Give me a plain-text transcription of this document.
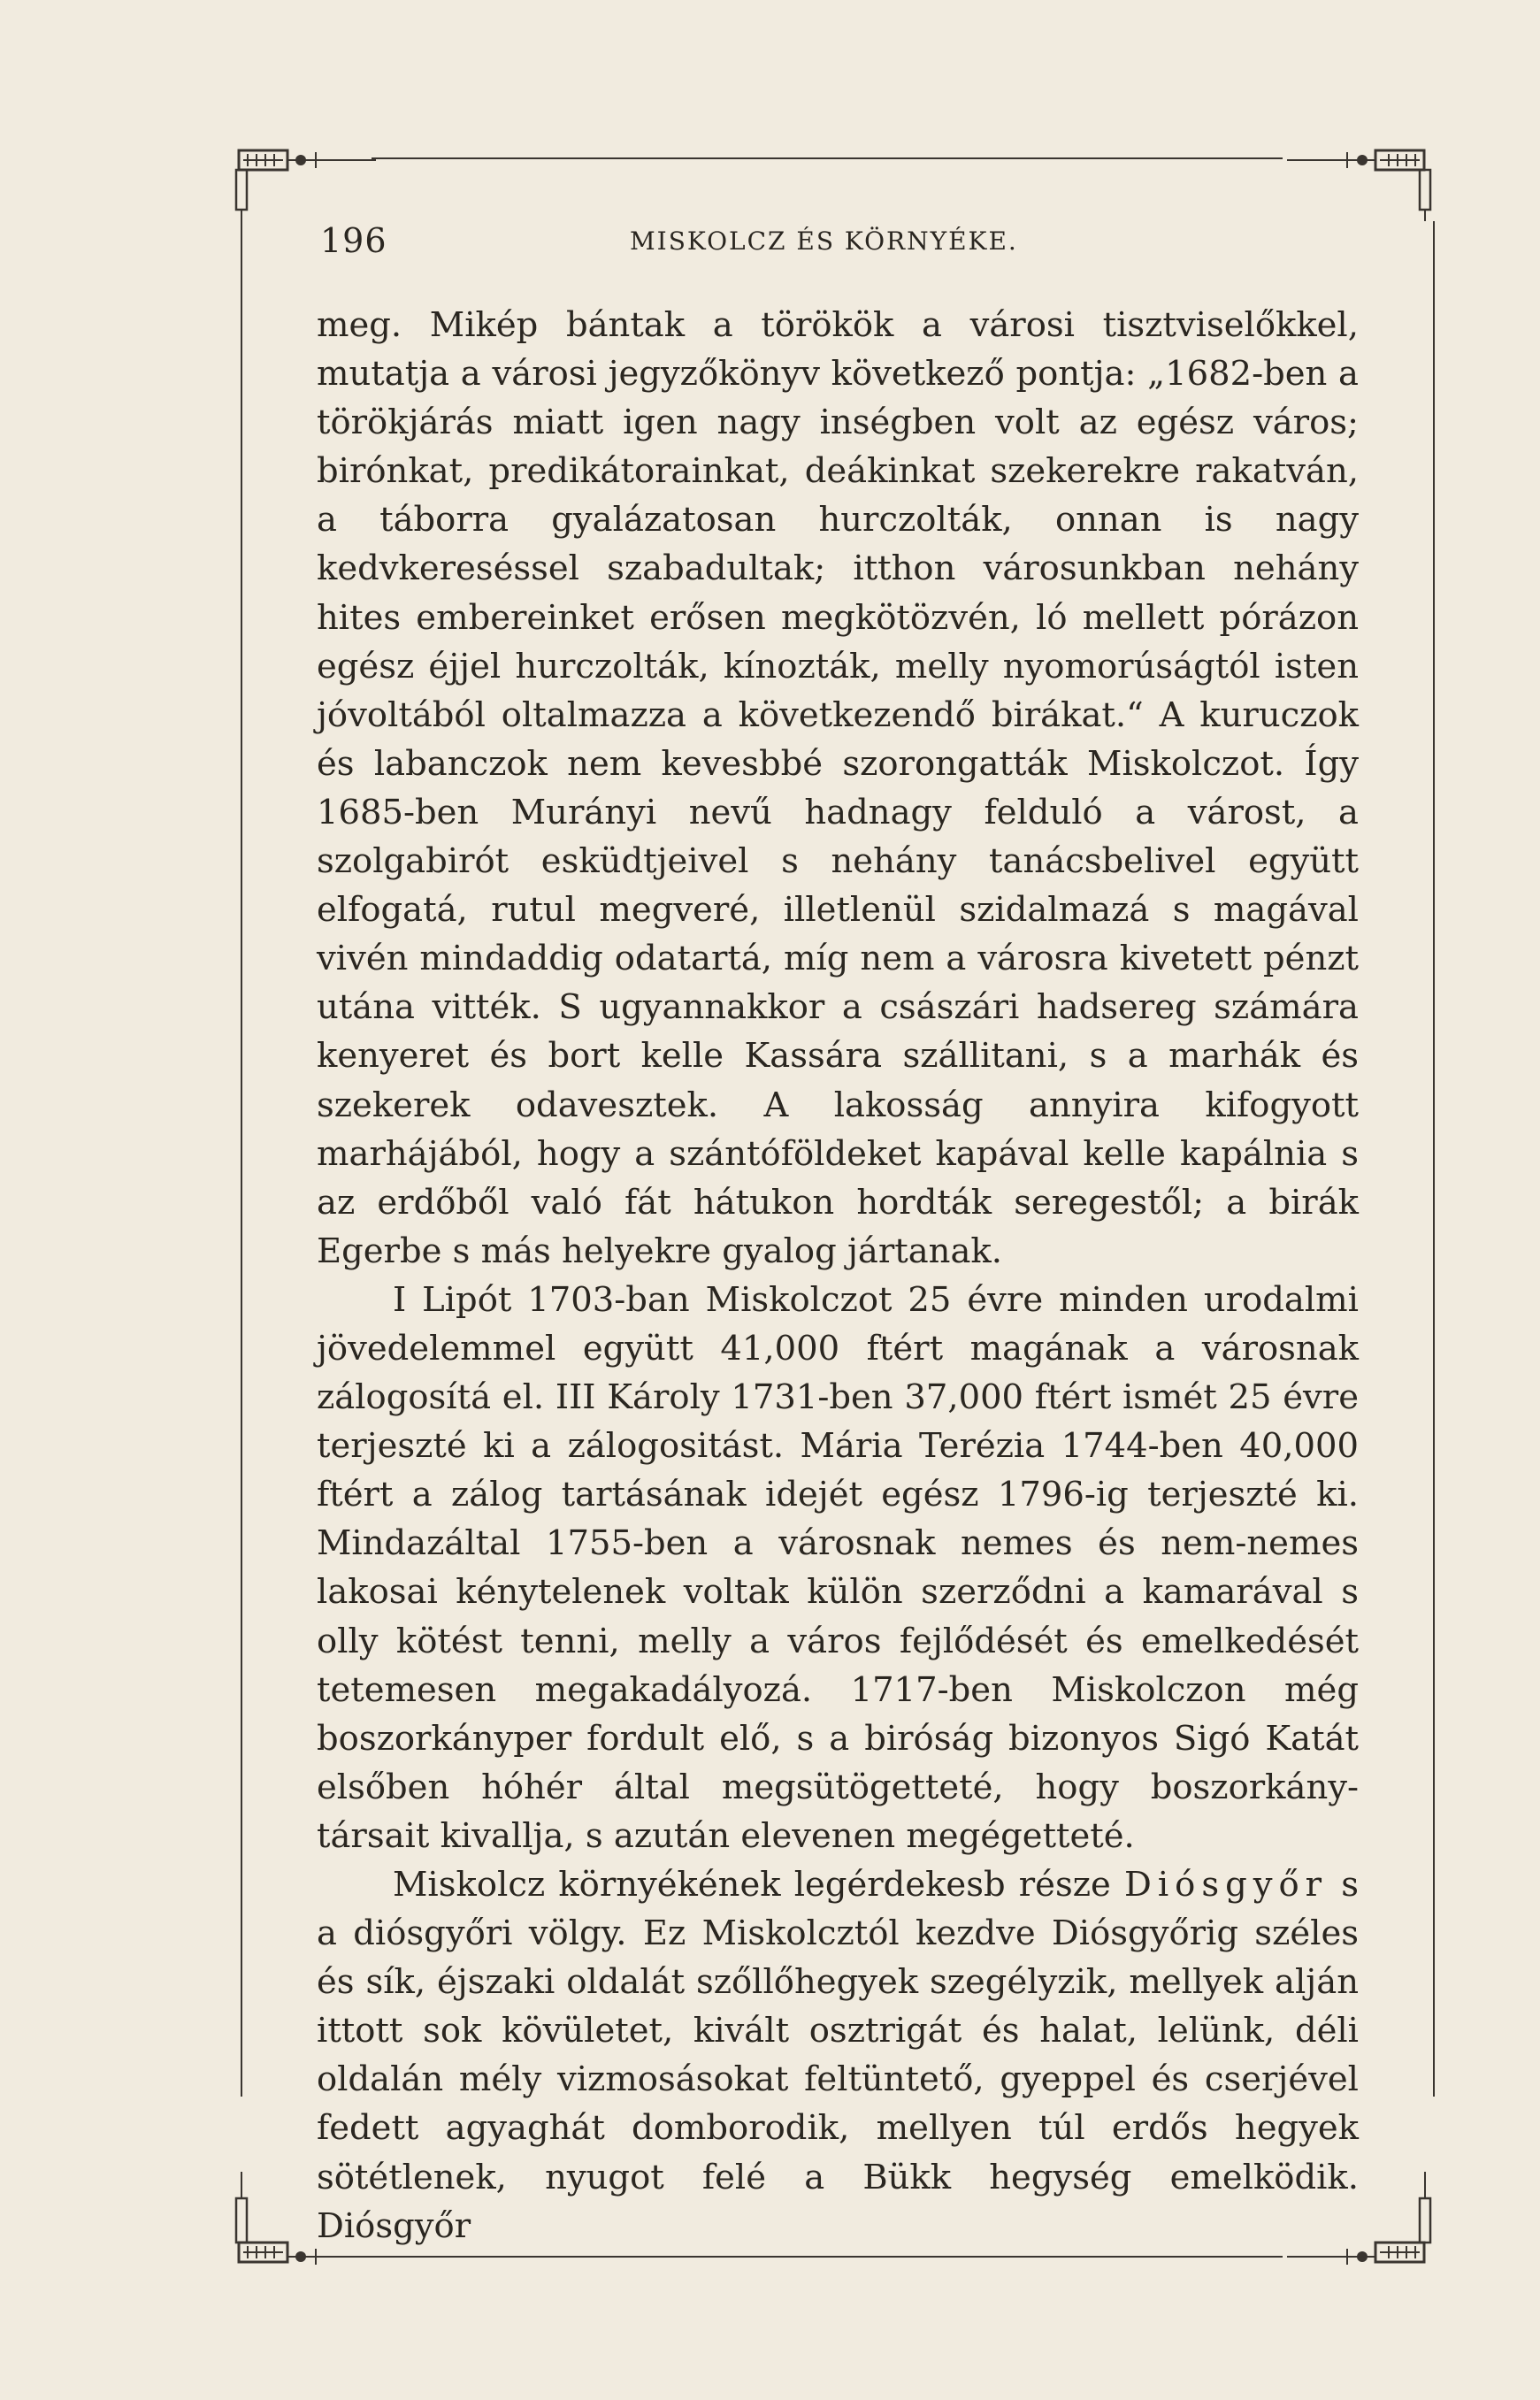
196	MISKOLCZ ÉS KÖRNYÉKE.

meg. Mikép bántak a törökök a városi tisztviselőkkel, mutatja a városi jegyzőkönyv következő pontja: „1682-ben a törökjárás miatt igen nagy inségben volt az egész város; birónkat, predikátorainkat, deákinkat szekerekre rakatván, a táborra gyalázatosan hurczolták, onnan is nagy kedvkereséssel szabadultak; itthon városunkban nehány hites embereinket erősen megkötözvén, ló mellett pórázon egész éjjel hurczolták, kínozták, melly nyomorúságtól isten jóvoltából oltalmazza a következendő birákat.“ A kuruczok és labanczok nem kevesbbé szorongatták Miskolczot. Így 1685-ben Murányi nevű hadnagy felduló a várost, a szolgabirót esküdtjeivel s nehány tanácsbelivel együtt elfogatá, rutul megveré, illetlenül szidalmazá s magával vivén mindaddig odatartá, míg nem a városra kivetett pénzt utána vitték. S ugyannakkor a császári hadsereg számára kenyeret és bort kelle Kassára szállitani, s a marhák és szekerek odavesztek. A lakosság annyira kifogyott marhájából, hogy a szántóföldeket kapával kelle kapálnia s az erdőből való fát hátukon hordták seregestől; a birák Egerbe s más helyekre gyalog jártanak.

I Lipót 1703-ban Miskolczot 25 évre minden urodalmi jövedelemmel együtt 41,000 ftért magának a városnak zálogosítá el. III Károly 1731-ben 37,000 ftért ismét 25 évre terjeszté ki a zálogositást. Mária Terézia 1744-ben 40,000 ftért a zálog tartásának idejét egész 1796-ig terjeszté ki. Mindazáltal 1755-ben a városnak nemes és nem-nemes lakosai kénytelenek voltak külön szerződni a kamarával s olly kötést tenni, melly a város fejlődését és emelkedését tetemesen megakadályozá. 1717-ben Miskolczon még boszorkányper fordult elő, s a biróság bizonyos Sigó Katát elsőben hóhér által megsütögetteté, hogy boszorkány-társait kivallja, s azután elevenen megégetteté.

Miskolcz környékének legérdekesb része Diósgyőr s a diósgyőri völgy. Ez Miskolcztól kezdve Diósgyőrig széles és sík, éjszaki oldalát szőllőhegyek szegélyzik, mellyek alján ittott sok kövületet, kivált osztrigát és halat, lelünk, déli oldalán mély vizmosásokat feltüntető, gyeppel és cserjével fedett agyaghát domborodik, mellyen túl erdős hegyek sötétlenek, nyugot felé a Bükk hegység emelködik. Diósgyőr
